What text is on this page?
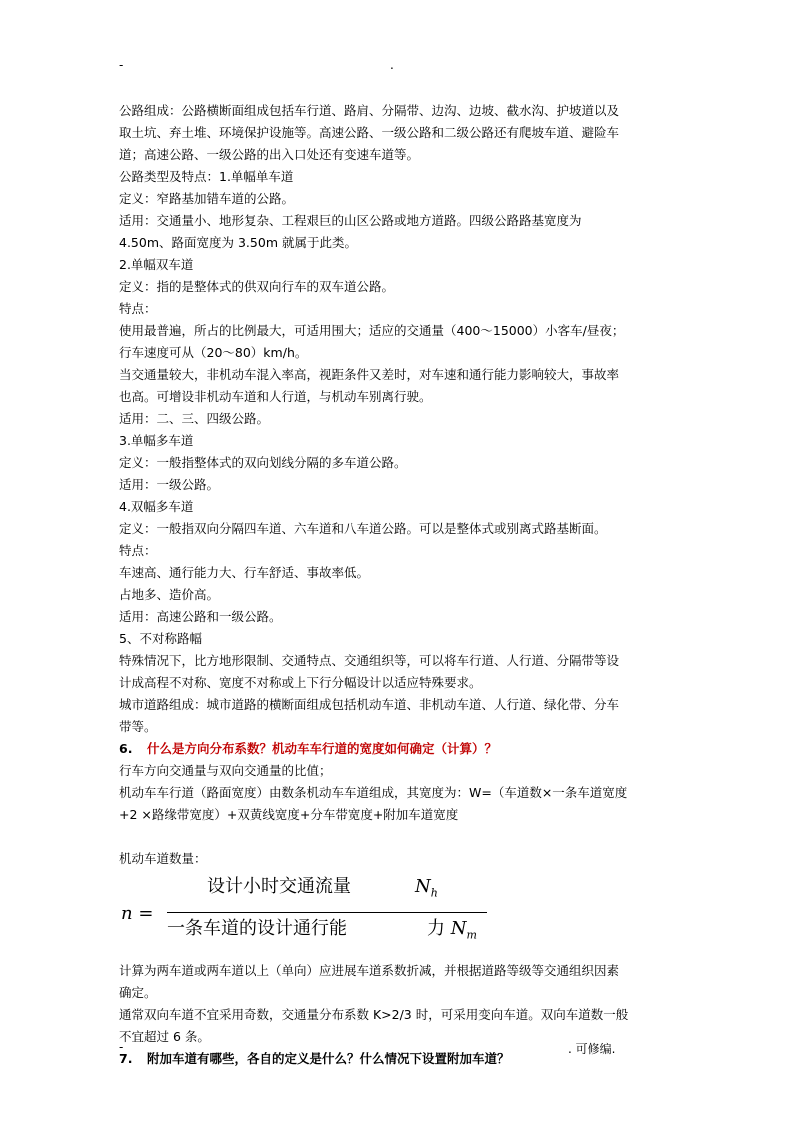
-	.

公路组成：公路横断面组成包括车行道、路肩、分隔带、边沟、边坡、截水沟、护坡道以及

取土坑、弃土堆、环境保护设施等。高速公路、一级公路和二级公路还有爬坡车道、避险车

道；高速公路、一级公路的出入口处还有变速车道等。

公路类型及特点：1.单幅单车道

定义：窄路基加错车道的公路。

适用：交通量小、地形复杂、工程艰巨的山区公路或地方道路。四级公路路基宽度为

4.50m、路面宽度为 3.50m 就属于此类。

2.单幅双车道

定义：指的是整体式的供双向行车的双车道公路。

特点：

使用最普遍，所占的比例最大，可适用围大；适应的交通量（400～15000）小客车/昼夜；

行车速度可从（20～80）km/h。

当交通量较大，非机动车混入率高，视距条件又差时，对车速和通行能力影响较大，事故率

也高。可增设非机动车道和人行道，与机动车别离行驶。

适用：二、三、四级公路。

3.单幅多车道

定义：一般指整体式的双向划线分隔的多车道公路。

适用：一级公路。

4.双幅多车道

定义：一般指双向分隔四车道、六车道和八车道公路。可以是整体式或别离式路基断面。

特点：

车速高、通行能力大、行车舒适、事故率低。

占地多、造价高。

适用：高速公路和一级公路。

5、不对称路幅

特殊情况下，比方地形限制、交通特点、交通组织等，可以将车行道、人行道、分隔带等设

计成高程不对称、宽度不对称或上下行分幅设计以适应特殊要求。

城市道路组成：城市道路的横断面组成包括机动车道、非机动车道、人行道、绿化带、分车

带等。

6. 什么是方向分布系数？机动车车行道的宽度如何确定（计算）？

行车方向交通量与双向交通量的比值；

机动车车行道（路面宽度）由数条机动车车道组成，其宽度为：W=（车道数×一条车道宽度

+2 ×路缘带宽度）+双黄线宽度+分车带宽度+附加车道宽度

机动车道数量：

n =
设计小时交通流量	$N_h$
一条车道的设计通行能	力 $N_m$

计算为两车道或两车道以上（单向）应进展车道系数折减，并根据道路等级等交通组织因素

确定。

通常双向车道不宜采用奇数，交通量分布系数 K>2/3 时，可采用变向车道。双向车道数一般

不宜超过 6 条。

7. 附加车道有哪些，各自的定义是什么？什么情况下设置附加车道？

-	. 可修编.
